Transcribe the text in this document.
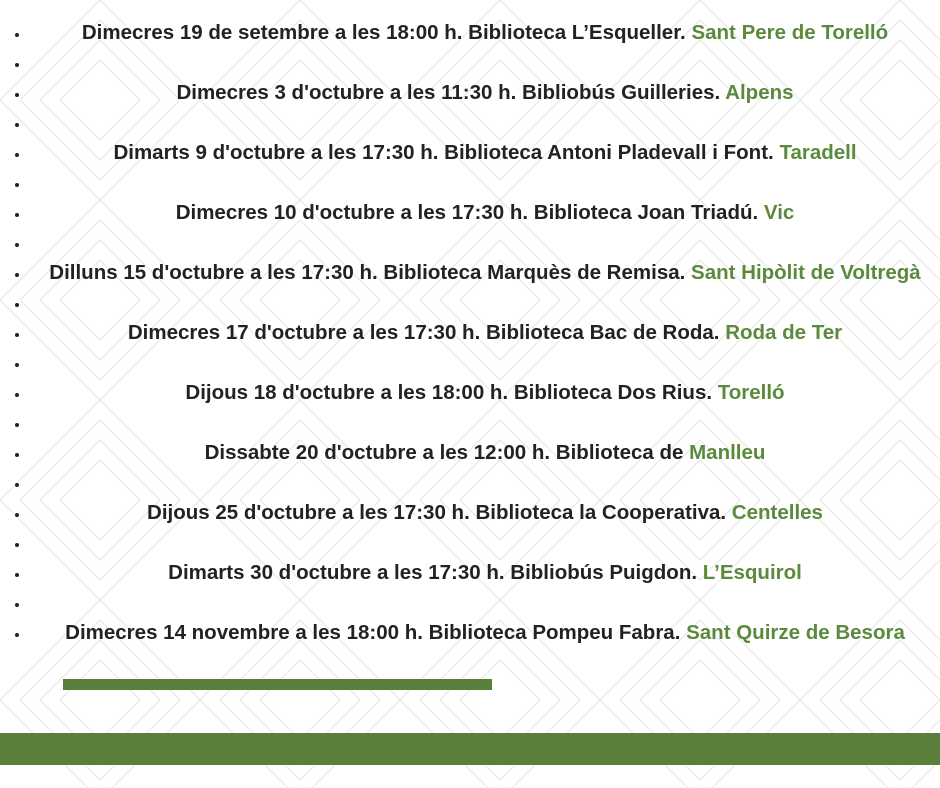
• Dimecres 19 de setembre a les 18:00 h. Biblioteca L’Esqueller. Sant Pere de Torelló
•
• Dimecres 3 d'octubre a les 11:30 h. Bibliobús Guilleries. Alpens
•
• Dimarts 9 d'octubre a les 17:30 h. Biblioteca Antoni Pladevall i Font. Taradell
•
• Dimecres 10 d'octubre a les 17:30 h. Biblioteca Joan Triadú. Vic
•
• Dilluns 15 d'octubre a les 17:30 h. Biblioteca Marquès de Remisa. Sant Hipòlit de Voltregà
•
• Dimecres 17 d'octubre a les 17:30 h. Biblioteca Bac de Roda. Roda de Ter
•
• Dijous 18 d'octubre a les 18:00 h. Biblioteca Dos Rius. Torelló
•
• Dissabte 20 d'octubre a les 12:00 h. Biblioteca de Manlleu
•
• Dijous 25 d'octubre a les 17:30 h. Biblioteca la Cooperativa. Centelles
•
• Dimarts 30 d'octubre a les 17:30 h. Bibliobús Puigdon. L’Esquirol
•
• Dimecres 14 novembre a les 18:00 h. Biblioteca Pompeu Fabra. Sant Quirze de Besora
